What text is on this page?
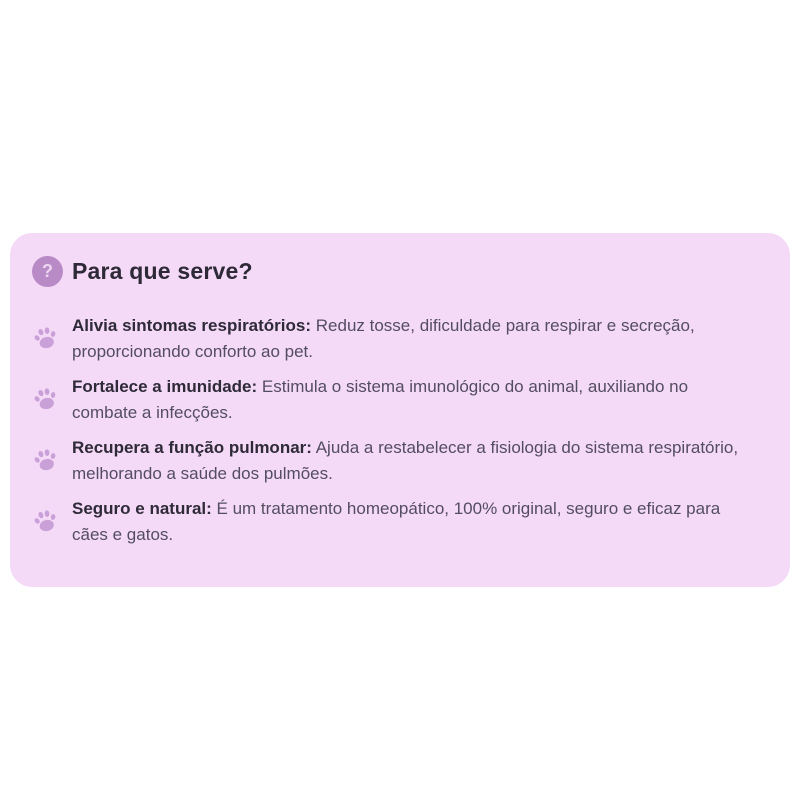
? Para que serve?

Alivia sintomas respiratórios: Reduz tosse, dificuldade para respirar e secreção, proporcionando conforto ao pet.

Fortalece a imunidade: Estimula o sistema imunológico do animal, auxiliando no combate a infecções.

Recupera a função pulmonar: Ajuda a restabelecer a fisiologia do sistema respiratório, melhorando a saúde dos pulmões.

Seguro e natural: É um tratamento homeopático, 100% original, seguro e eficaz para cães e gatos.
